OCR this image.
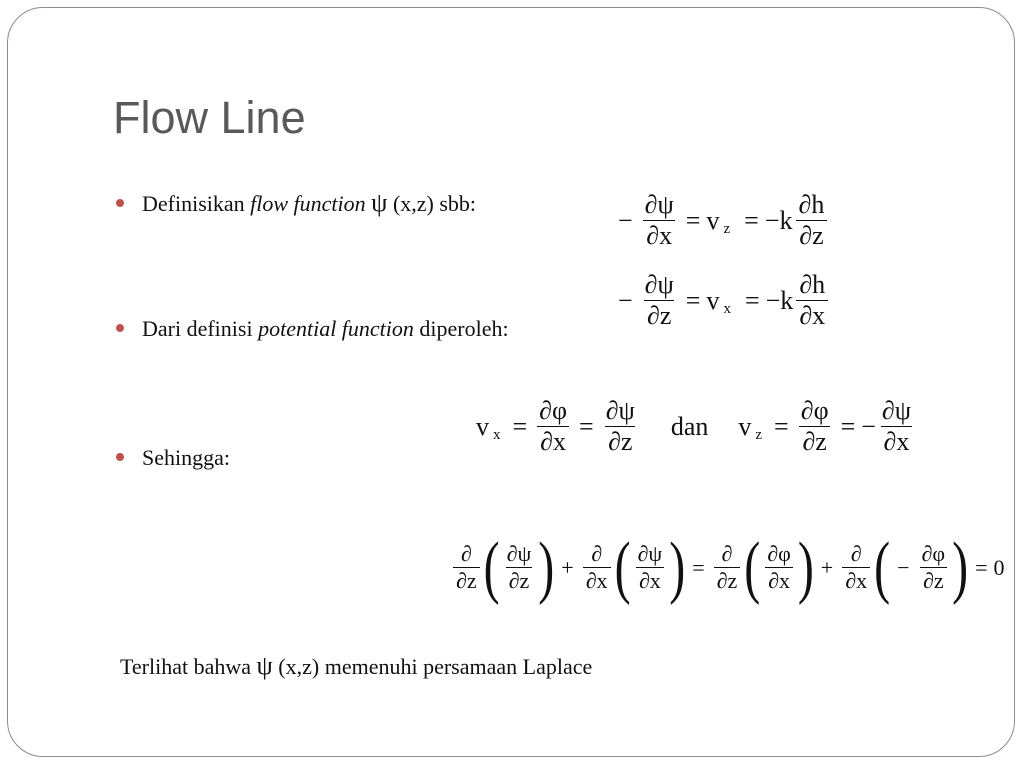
Flow Line
Definisikan flow function ψ (x,z) sbb:
Dari definisi potential function diperoleh:
Sehingga:
− $\frac{\partial\psi}{\partial x} = v$ $z = -k \frac{\partial h}{\partial z}$
− $\frac{\partial\psi}{\partial z} = v$ $x = -k \frac{\partial h}{\partial x}$
v $x = \frac{\partial\varphi}{\partial x} = \frac{\partial\psi}{\partial z}$ dan v $z = \frac{\partial\varphi}{\partial z}$ = − $\frac{\partial\psi}{\partial x}$
$\frac{\partial}{\partial z}$ ( $\frac{\partial\psi}{\partial z}$ ) + $\frac{\partial}{\partial x}$ ( $\frac{\partial\psi}{\partial x}$ ) = $\frac{\partial}{\partial z}$ ( $\frac{\partial\varphi}{\partial x}$ ) + $\frac{\partial}{\partial x}$ ( − $\frac{\partial\varphi}{\partial z}$ ) = 0
Terlihat bahwa ψ (x,z) memenuhi persamaan Laplace
